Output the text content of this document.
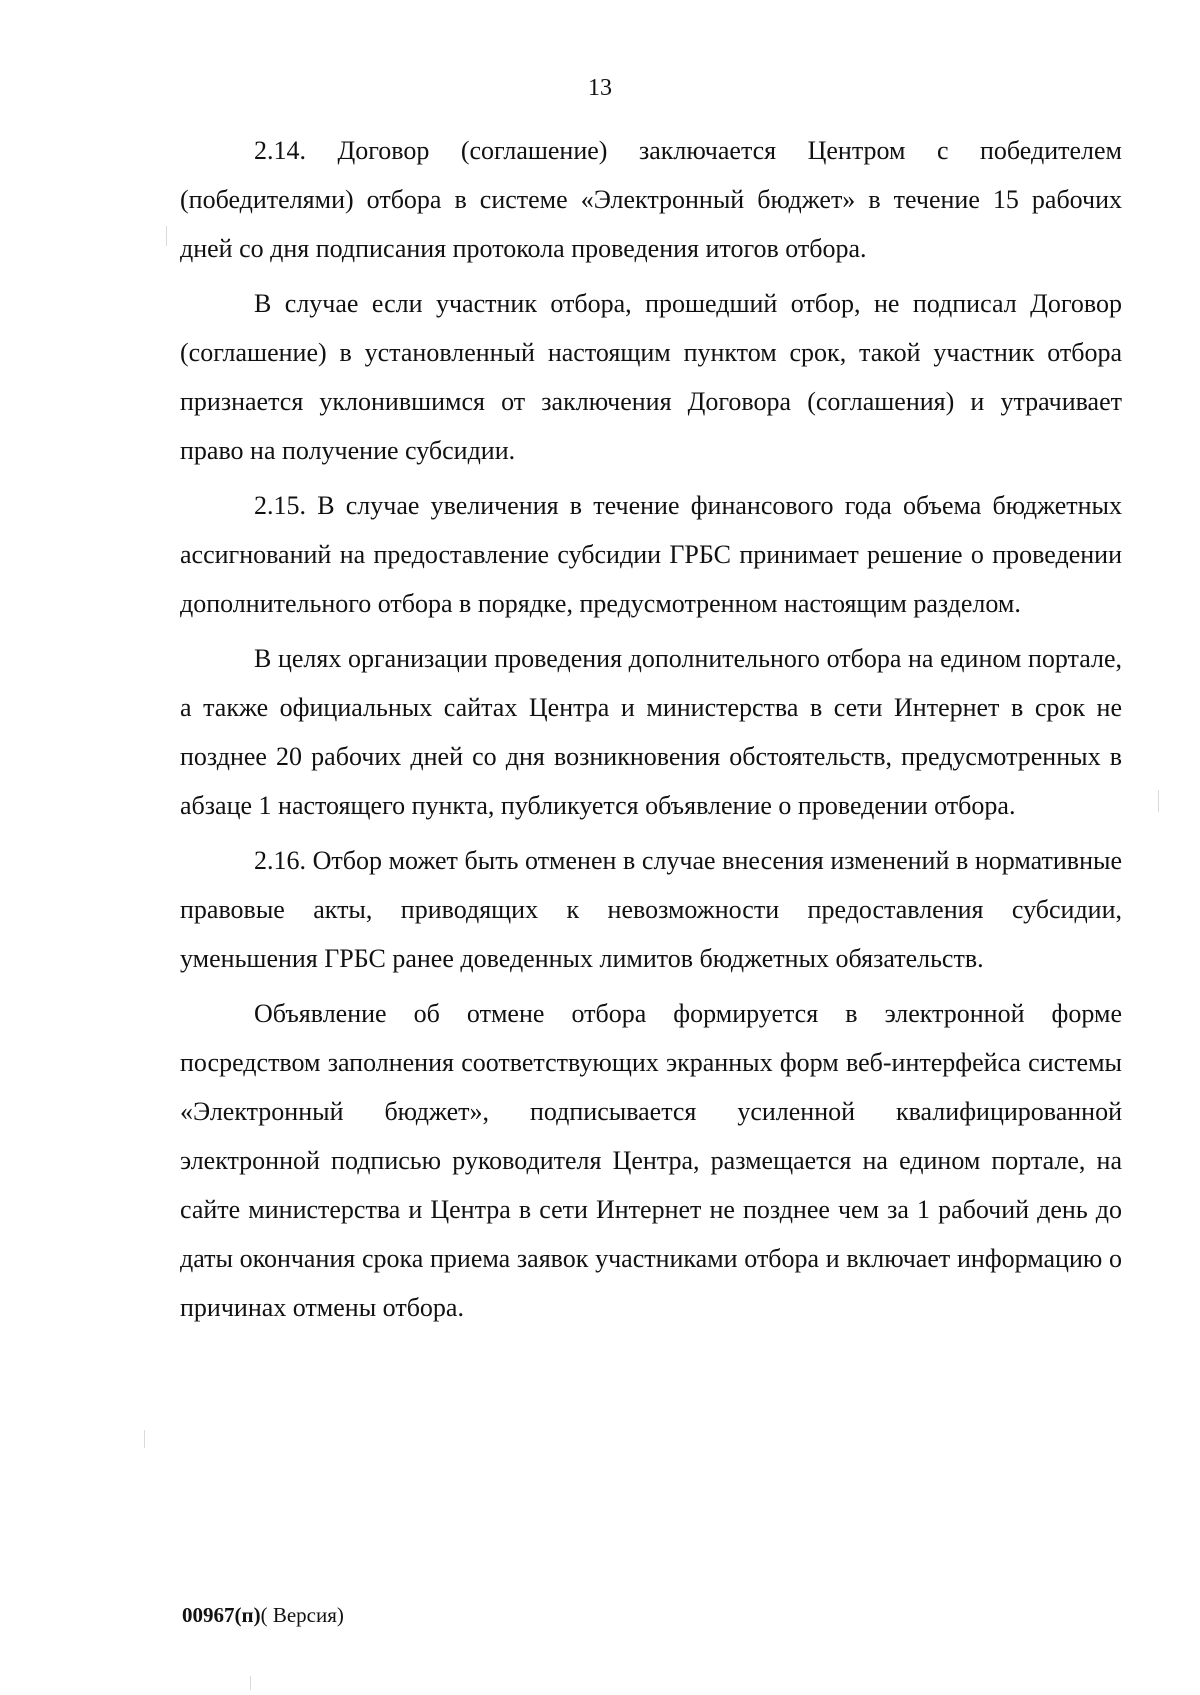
13

2.14. Договор (соглашение) заключается Центром с победителем (победителями) отбора в системе «Электронный бюджет» в течение 15 рабочих дней со дня подписания протокола проведения итогов отбора.

В случае если участник отбора, прошедший отбор, не подписал Договор (соглашение) в установленный настоящим пунктом срок, такой участник отбора признается уклонившимся от заключения Договора (соглашения) и утрачивает право на получение субсидии.

2.15. В случае увеличения в течение финансового года объема бюджетных ассигнований на предоставление субсидии ГРБС принимает решение о проведении дополнительного отбора в порядке, предусмотренном настоящим разделом.

В целях организации проведения дополнительного отбора на едином портале, а также официальных сайтах Центра и министерства в сети Интернет в срок не позднее 20 рабочих дней со дня возникновения обстоятельств, предусмотренных в абзаце 1 настоящего пункта, публикуется объявление о проведении отбора.

2.16. Отбор может быть отменен в случае внесения изменений в нормативные правовые акты, приводящих к невозможности предоставления субсидии, уменьшения ГРБС ранее доведенных лимитов бюджетных обязательств.

Объявление об отмене отбора формируется в электронной форме посредством заполнения соответствующих экранных форм веб-интерфейса системы «Электронный бюджет», подписывается усиленной квалифицированной электронной подписью руководителя Центра, размещается на едином портале, на сайте министерства и Центра в сети Интернет не позднее чем за 1 рабочий день до даты окончания срока приема заявок участниками отбора и включает информацию о причинах отмены отбора.

00967(п)( Версия)
